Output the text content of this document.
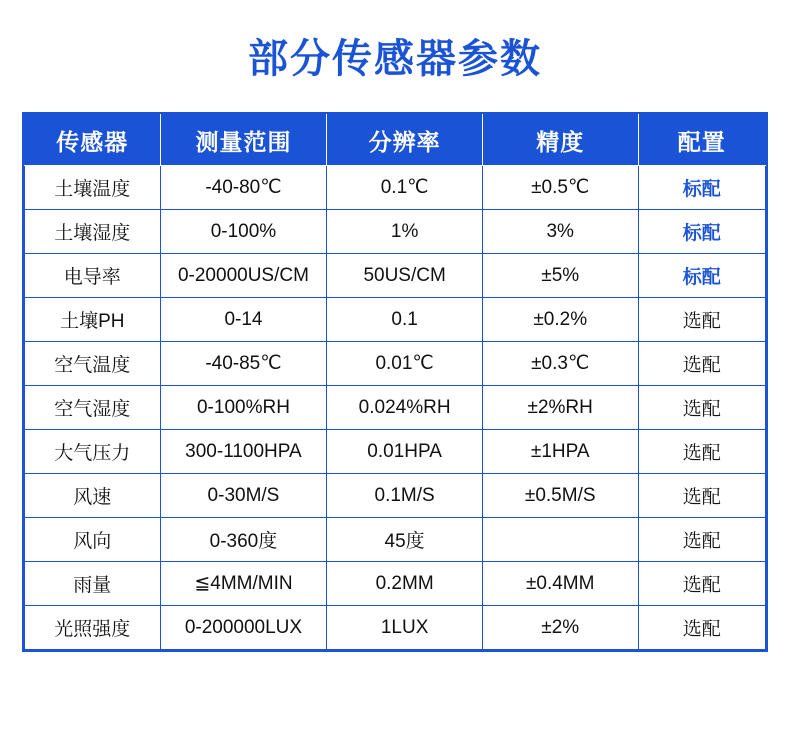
部分传感器参数
传感器	测量范围	分辨率	精度	配置
土壤温度	-40-80℃	0.1℃	±0.5℃	标配
土壤湿度	0-100%	1%	3%	标配
电导率	0-20000US/CM	50US/CM	±5%	标配
土壤PH	0-14	0.1	±0.2%	选配
空气温度	-40-85℃	0.01℃	±0.3℃	选配
空气湿度	0-100%RH	0.024%RH	±2%RH	选配
大气压力	300-1100HPA	0.01HPA	±1HPA	选配
风速	0-30M/S	0.1M/S	±0.5M/S	选配
风向	0-360度	45度		选配
雨量	≦4MM/MIN	0.2MM	±0.4MM	选配
光照强度	0-200000LUX	1LUX	±2%	选配
